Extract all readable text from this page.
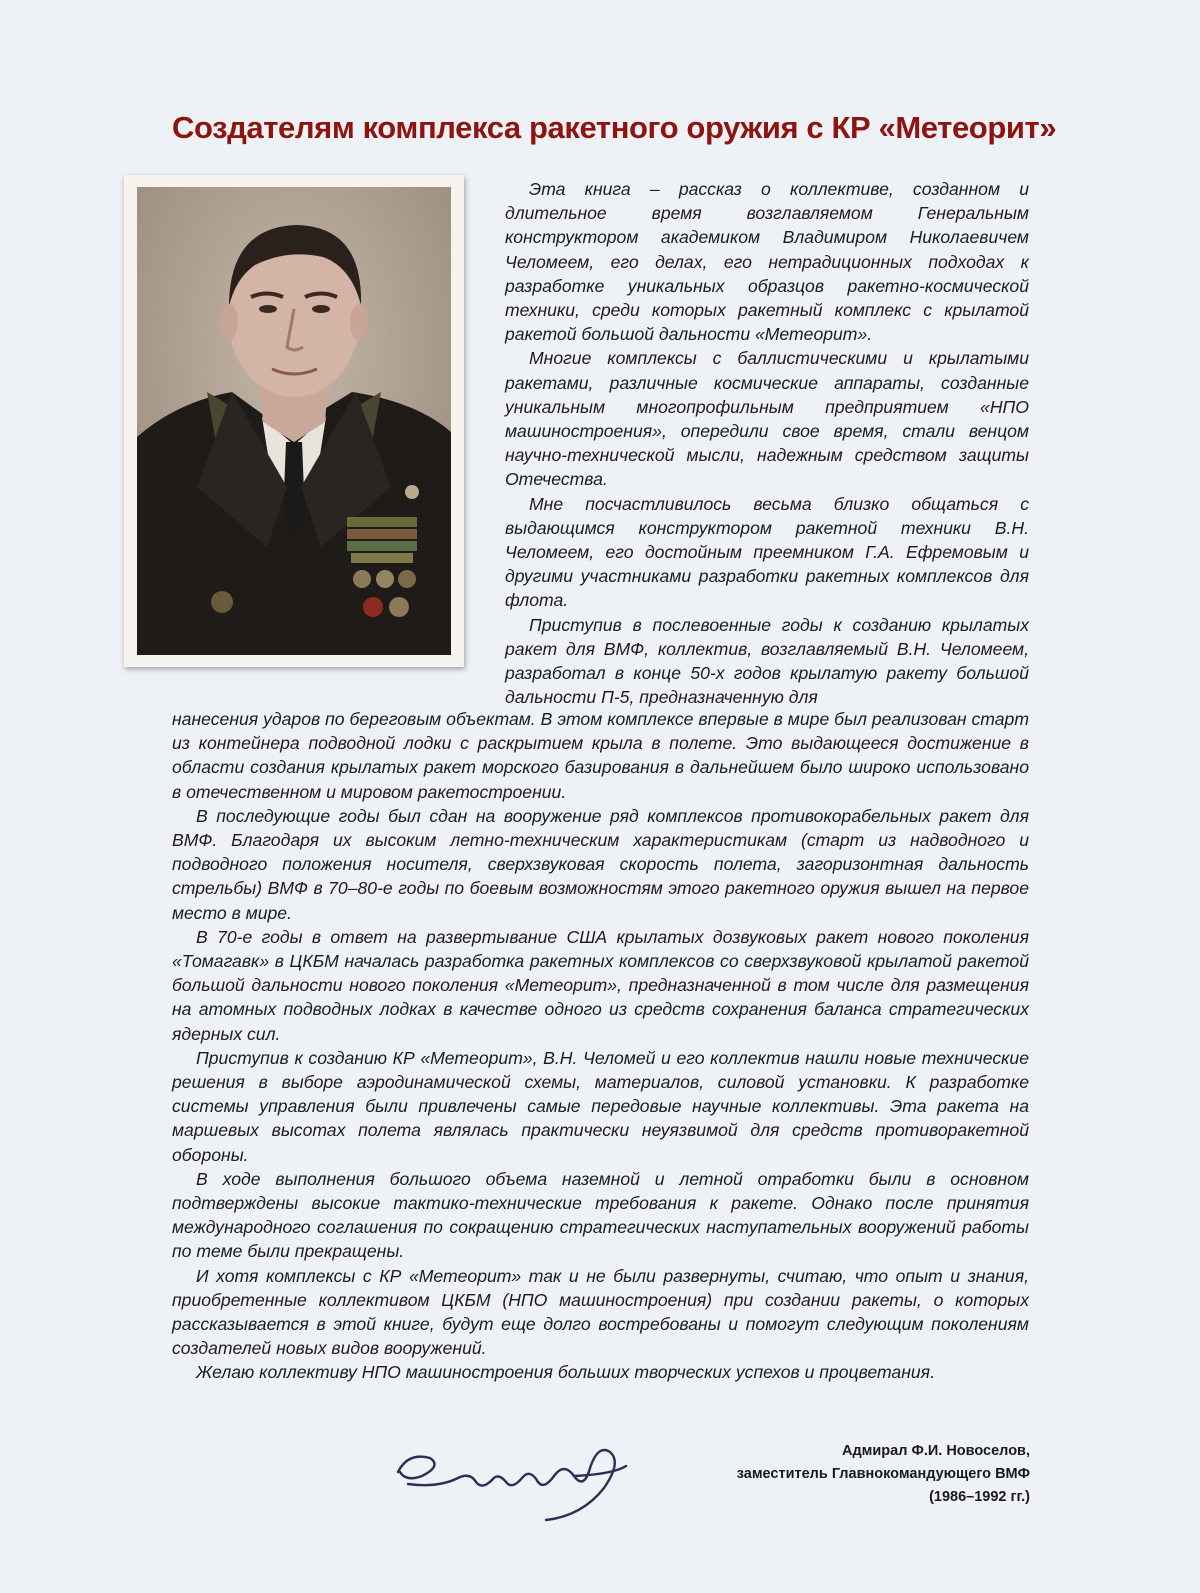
Создателям комплекса ракетного оружия с КР «Метеорит»

Эта книга – рассказ о коллективе, созданном и длительное время возглавляемом Генеральным конструктором академиком Владимиром Николаевичем Челомеем, его делах, его нетрадиционных подходах к разработке уникальных образцов ракетно-космической техники, среди которых ракетный комплекс с крылатой ракетой большой дальности «Метеорит».

Многие комплексы с баллистическими и крылатыми ракетами, различные космические аппараты, созданные уникальным многопрофильным предприятием «НПО машиностроения», опередили свое время, стали венцом научно-технической мысли, надежным средством защиты Отечества.

Мне посчастливилось весьма близко общаться с выдающимся конструктором ракетной техники В.Н. Челомеем, его достойным преемником Г.А. Ефремовым и другими участниками разработки ракетных комплексов для флота.

Приступив в послевоенные годы к созданию крылатых ракет для ВМФ, коллектив, возглавляемый В.Н. Челомеем, разработал в конце 50-х годов крылатую ракету большой дальности П-5, предназначенную для

нанесения ударов по береговым объектам. В этом комплексе впервые в мире был реализован старт из контейнера подводной лодки с раскрытием крыла в полете. Это выдающееся достижение в области создания крылатых ракет морского базирования в дальнейшем было широко использовано в отечественном и мировом ракетостроении.

В последующие годы был сдан на вооружение ряд комплексов противокорабельных ракет для ВМФ. Благодаря их высоким летно-техническим характеристикам (старт из надводного и подводного положения носителя, сверхзвуковая скорость полета, загоризонтная дальность стрельбы) ВМФ в 70–80-е годы по боевым возможностям этого ракетного оружия вышел на первое место в мире.

В 70-е годы в ответ на развертывание США крылатых дозвуковых ракет нового поколения «Томагавк» в ЦКБМ началась разработка ракетных комплексов со сверхзвуковой крылатой ракетой большой дальности нового поколения «Метеорит», предназначенной в том числе для размещения на атомных подводных лодках в качестве одного из средств сохранения баланса стратегических ядерных сил.

Приступив к созданию КР «Метеорит», В.Н. Челомей и его коллектив нашли новые технические решения в выборе аэродинамической схемы, материалов, силовой установки. К разработке системы управления были привлечены самые передовые научные коллективы. Эта ракета на маршевых высотах полета являлась практически неуязвимой для средств противоракетной обороны.

В ходе выполнения большого объема наземной и летной отработки были в основном подтверждены высокие тактико-технические требования к ракете. Однако после принятия международного соглашения по сокращению стратегических наступательных вооружений работы по теме были прекращены.

И хотя комплексы с КР «Метеорит» так и не были развернуты, считаю, что опыт и знания, приобретенные коллективом ЦКБМ (НПО машиностроения) при создании ракеты, о которых рассказывается в этой книге, будут еще долго востребованы и помогут следующим поколениям создателей новых видов вооружений.

Желаю коллективу НПО машиностроения больших творческих успехов и процветания.

Адмирал Ф.И. Новоселов,
заместитель Главнокомандующего ВМФ
(1986–1992 гг.)
